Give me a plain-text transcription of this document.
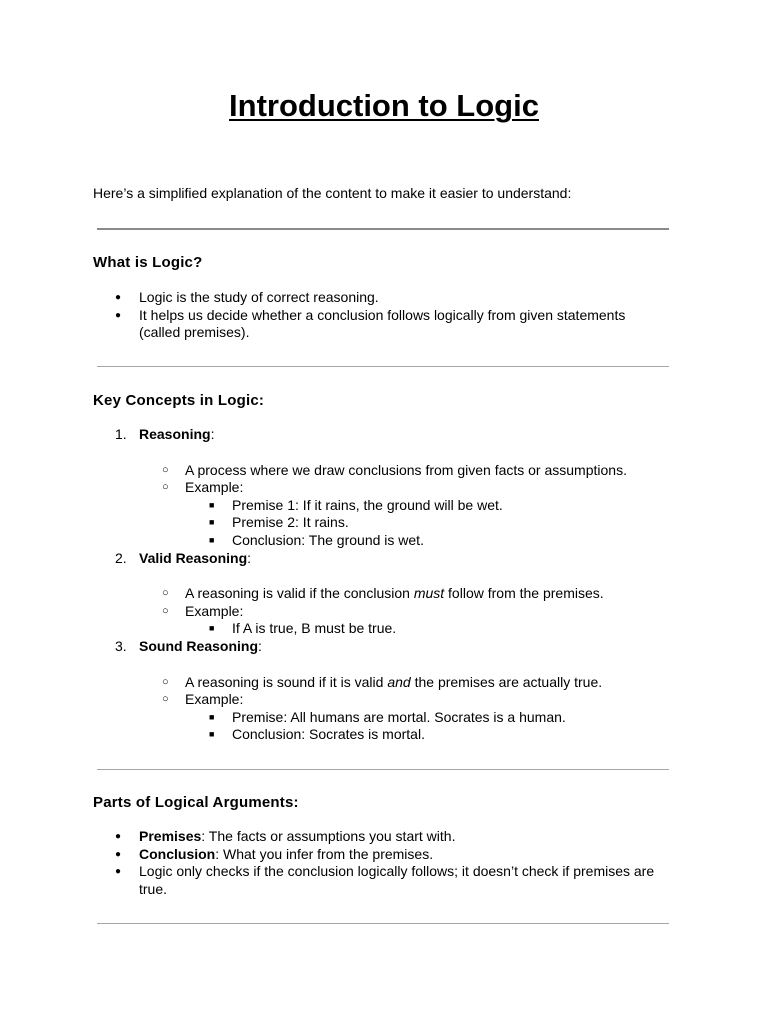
Introduction to Logic

Here’s a simplified explanation of the content to make it easier to understand:

What is Logic?
● Logic is the study of correct reasoning.
● It helps us decide whether a conclusion follows logically from given statements
(called premises).
Key Concepts in Logic:
1. Reasoning:
○ A process where we draw conclusions from given facts or assumptions.
○ Example:
■ Premise 1: If it rains, the ground will be wet.
■ Premise 2: It rains.
■ Conclusion: The ground is wet.
2. Valid Reasoning:
○ A reasoning is valid if the conclusion must follow from the premises.
○ Example:
■ If A is true, B must be true.
3. Sound Reasoning:
○ A reasoning is sound if it is valid and the premises are actually true.
○ Example:
■ Premise: All humans are mortal. Socrates is a human.
■ Conclusion: Socrates is mortal.
Parts of Logical Arguments:
● Premises: The facts or assumptions you start with.
● Conclusion: What you infer from the premises.
● Logic only checks if the conclusion logically follows; it doesn’t check if premises are
true.
